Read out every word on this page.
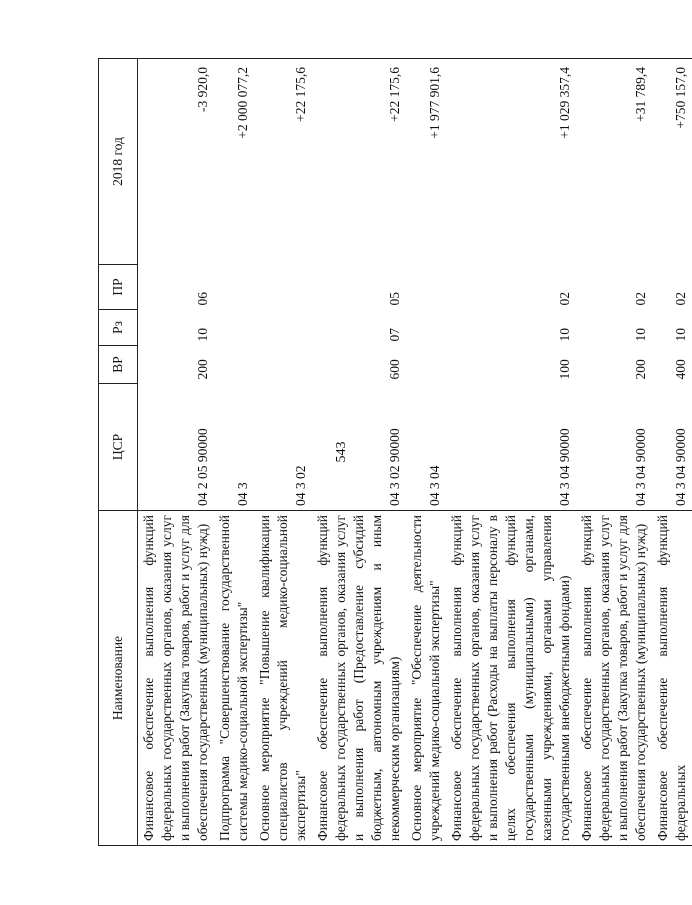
543
Наименование	ЦСР	ВР	Рз	ПР	2018 год
Финансовое обеспечение выполнения функций федеральных государственных органов, оказания услуг и выполнения работ (Закупка товаров, работ и услуг для обеспечения государственных (муниципальных) нужд)	04 2 05 90000	200	10	06	-3 920,0
Подпрограмма "Совершенствование государственной системы медико-социальной экспертизы"	04 3				+2 000 077,2
Основное мероприятие "Повышение квалификации специалистов учреждений медико-социальной экспертизы"	04 3 02				+22 175,6
Финансовое обеспечение выполнения функций федеральных государственных органов, оказания услуг и выполнения работ (Предоставление субсидий бюджетным, автономным учреждениям и иным некоммерческим организациям)	04 3 02 90000	600	07	05	+22 175,6
Основное мероприятие "Обеспечение деятельности учреждений медико-социальной экспертизы"	04 3 04				+1 977 901,6
Финансовое обеспечение выполнения функций федеральных государственных органов, оказания услуг и выполнения работ (Расходы на выплаты персоналу в целях обеспечения выполнения функций государственными (муниципальными) органами, казенными учреждениями, органами управления государственными внебюджетными фондами)	04 3 04 90000	100	10	02	+1 029 357,4
Финансовое обеспечение выполнения функций федеральных государственных органов, оказания услуг и выполнения работ (Закупка товаров, работ и услуг для обеспечения государственных (муниципальных) нужд)	04 3 04 90000	200	10	02	+31 789,4
Финансовое обеспечение выполнения функций федеральных	04 3 04 90000	400	10	02	+750 157,0
